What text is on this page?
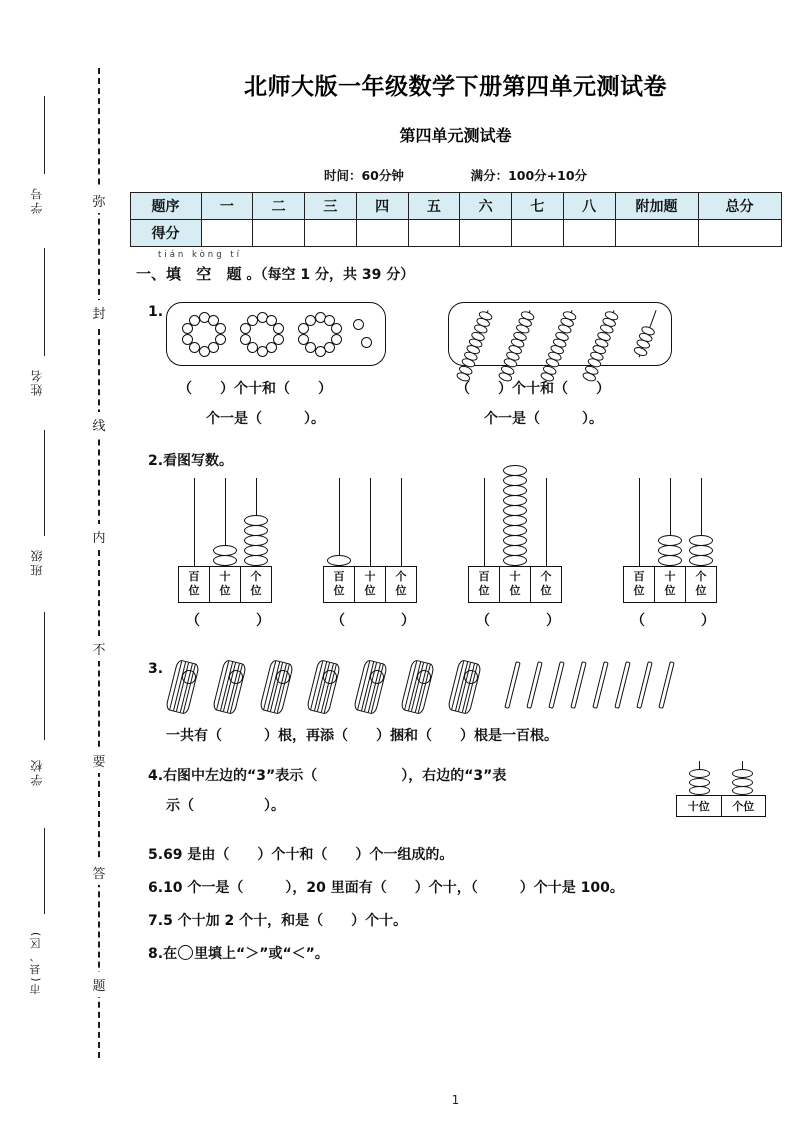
学号
姓名
班级
学校
市(县、区)
弥
封
线
内
不
要
答
题
北师大版一年级数学下册第四单元测试卷
第四单元测试卷
时间：60分钟	满分：100分+10分
题序	一	二	三	四	五	六	七	八	附加题	总分
得分										
tián kòng tí
一、填 空 题。（每空 1 分，共 39 分）
1.
（　　）个十和（　　）
个一是（　　　）。
（　　）个十和（　　）
个一是（　　　）。
2.看图写数。
百
位
十
位
个
位
（　　　　）
百
位
十
位
个
位
（　　　　）
百
位
十
位
个
位
（　　　　）
百
位
十
位
个
位
（　　　　）
3.
一共有（　　　）根，再添（　　）捆和（　　）根是一百根。
4.右图中左边的“3”表示（　　　　　　），右边的“3”表
示（　　　　　）。	十位	个位
5.69 是由（　　）个十和（　　）个一组成的。
6.10 个一是（　　　），20 里面有（　　）个十，（　　　）个十是 100。
7.5 个十加 2 个十，和是（　　）个十。
8.在 里填上“＞”或“＜”。
1
